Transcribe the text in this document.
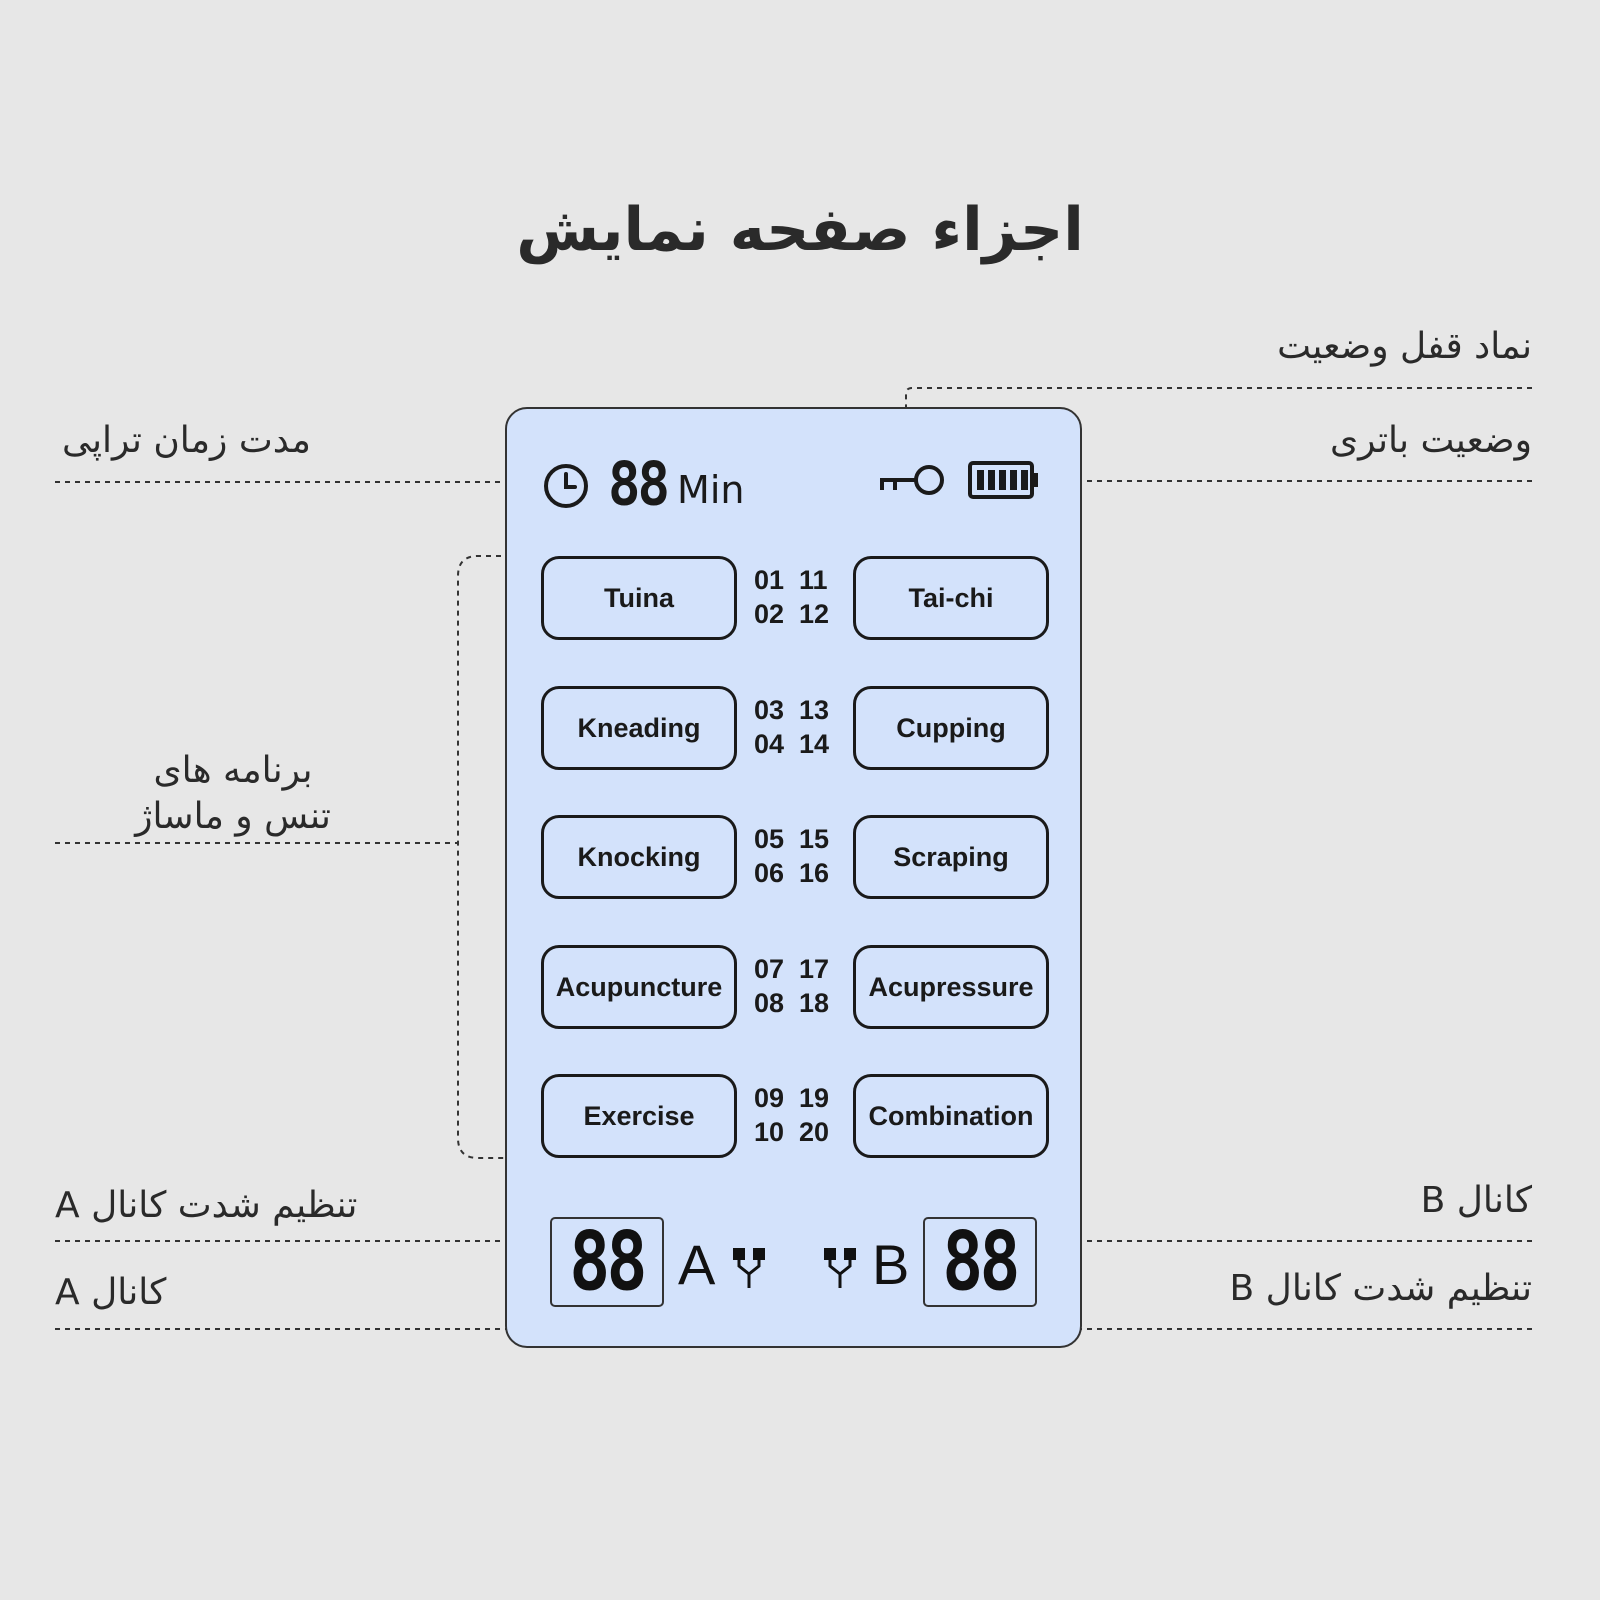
اجزاء صفحه نمایش
نماد قفل وضعیت
وضعیت باتری
مدت زمان تراپی
برنامه های
تنس و ماساژ
تنظیم شدت کانال A
کانال A
کانال B
تنظیم شدت کانال B
88 Min
Tuina
01  11
02  12
Tai-chi
Kneading
03  13
04  14
Cupping
Knocking
05  15
06  16
Scraping
Acupuncture
07  17
08  18
Acupressure
Exercise
09  19
10  20
Combination
88 A	B 88
